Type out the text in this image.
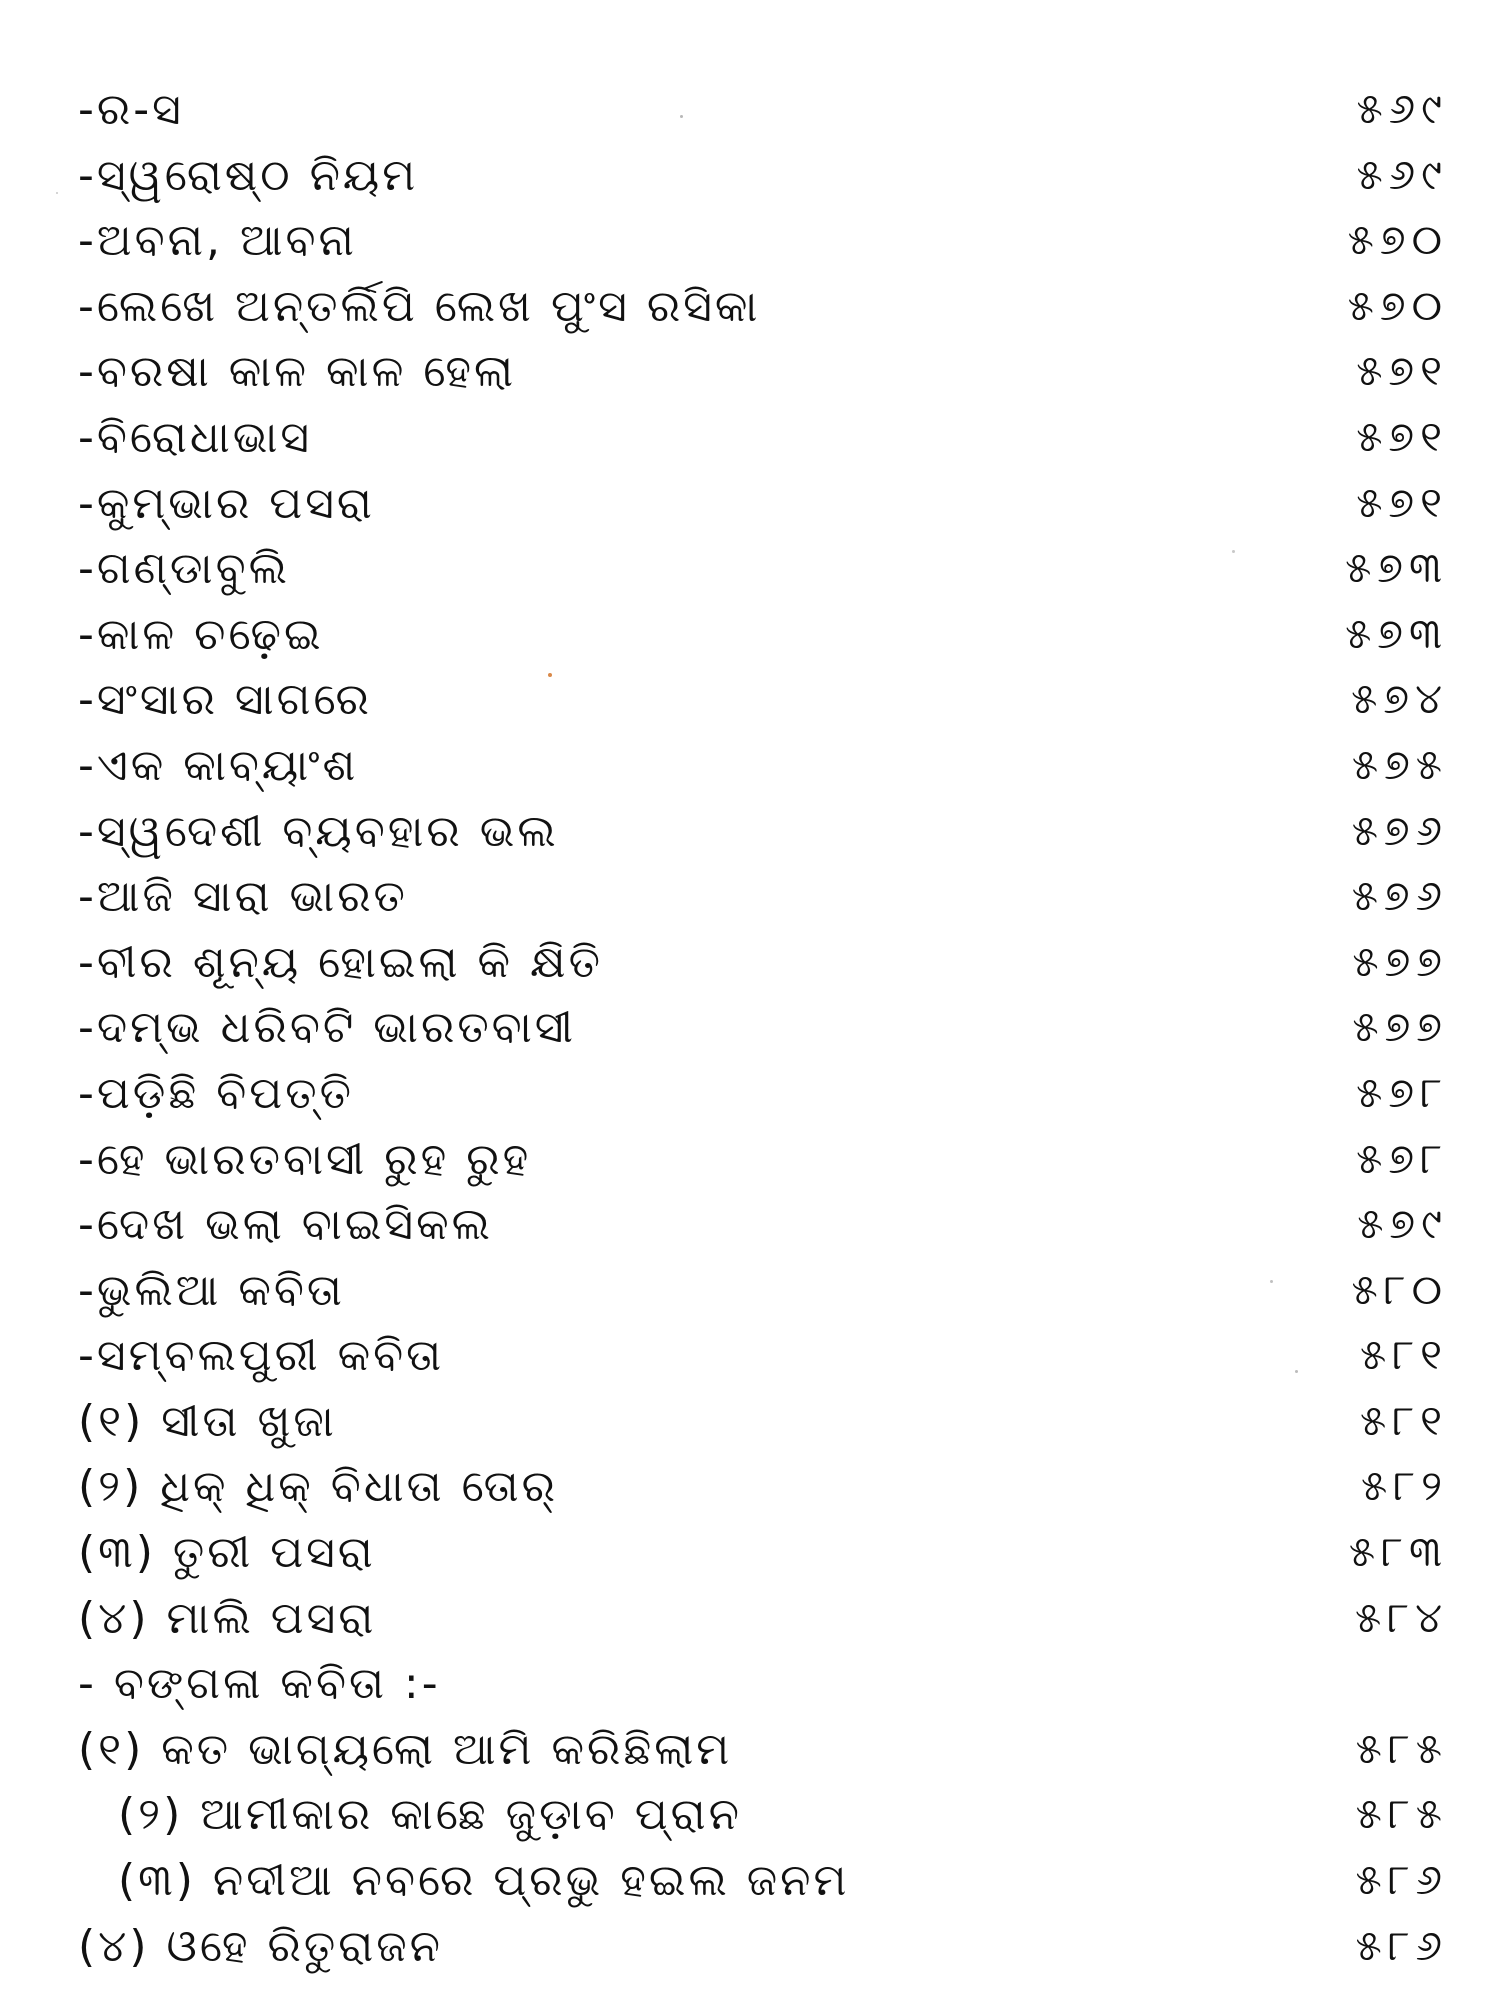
-ର-ସ	୫୬୯
-ସ୍ୱରୋଷ୍ଠ ନିୟମ	୫୬୯
-ଅବନା, ଆବନା	୫୭୦
-ଲେଖେ ଅନ୍ତର୍ଲିପି ଲେଖ ପୁଂସ ରସିକା	୫୭୦
-ବରଷା କାଳ କାଳ ହେଲା	୫୭୧
-ବିରୋଧାଭାସ	୫୭୧
-କୁମ୍ଭାର ପସରା	୫୭୧
-ଗଣ୍ଡାବୁଲି	୫୭୩
-କାଳ ଚଢ଼େଇ	୫୭୩
-ସଂସାର ସାଗରେ	୫୭୪
-ଏକ କାବ୍ୟାଂଶ	୫୭୫
-ସ୍ୱଦେଶୀ ବ୍ୟବହାର ଭଲ	୫୭୬
-ଆଜି ସାରା ଭାରତ	୫୭୬
-ବୀର ଶୂନ୍ୟ ହୋଇଲା କି କ୍ଷିତି	୫୭୭
-ଦମ୍ଭ ଧରିବଟି ଭାରତବାସୀ	୫୭୭
-ପଡ଼ିଛି ବିପତ୍ତି	୫୭୮
-ହେ ଭାରତବାସୀ ରୁହ ରୁହ	୫୭୮
-ଦେଖ ଭଲା ବାଇସିକଲ	୫୭୯
-ଭୁଲିଆ କବିତା	୫୮୦
-ସମ୍ବଲପୁରୀ କବିତା	୫୮୧
(୧) ସୀତା ଖୁଜା	୫୮୧
(୨) ଧିକ୍ ଧିକ୍ ବିଧାତା ତୋର୍	୫୮୨
(୩) ତୁରୀ ପସରା	୫୮୩
(୪) ମାଲି ପସରା	୫୮୪
- ବଙ୍ଗଳା କବିତା :-
(୧) କତ ଭାଗ୍ୟଲୋ ଆମି କରିଛିଲାମ	୫୮୫
(୨) ଆମୀକାର କାଛେ ଜୁଡ଼ାବ ପ୍ରାନ	୫୮୫
(୩) ନଦୀଆ ନବରେ ପ୍ରଭୁ ହଇଲ ଜନମ	୫୮୬
(୪) ଓହେ ରିତୁରାଜନ	୫୮୬
